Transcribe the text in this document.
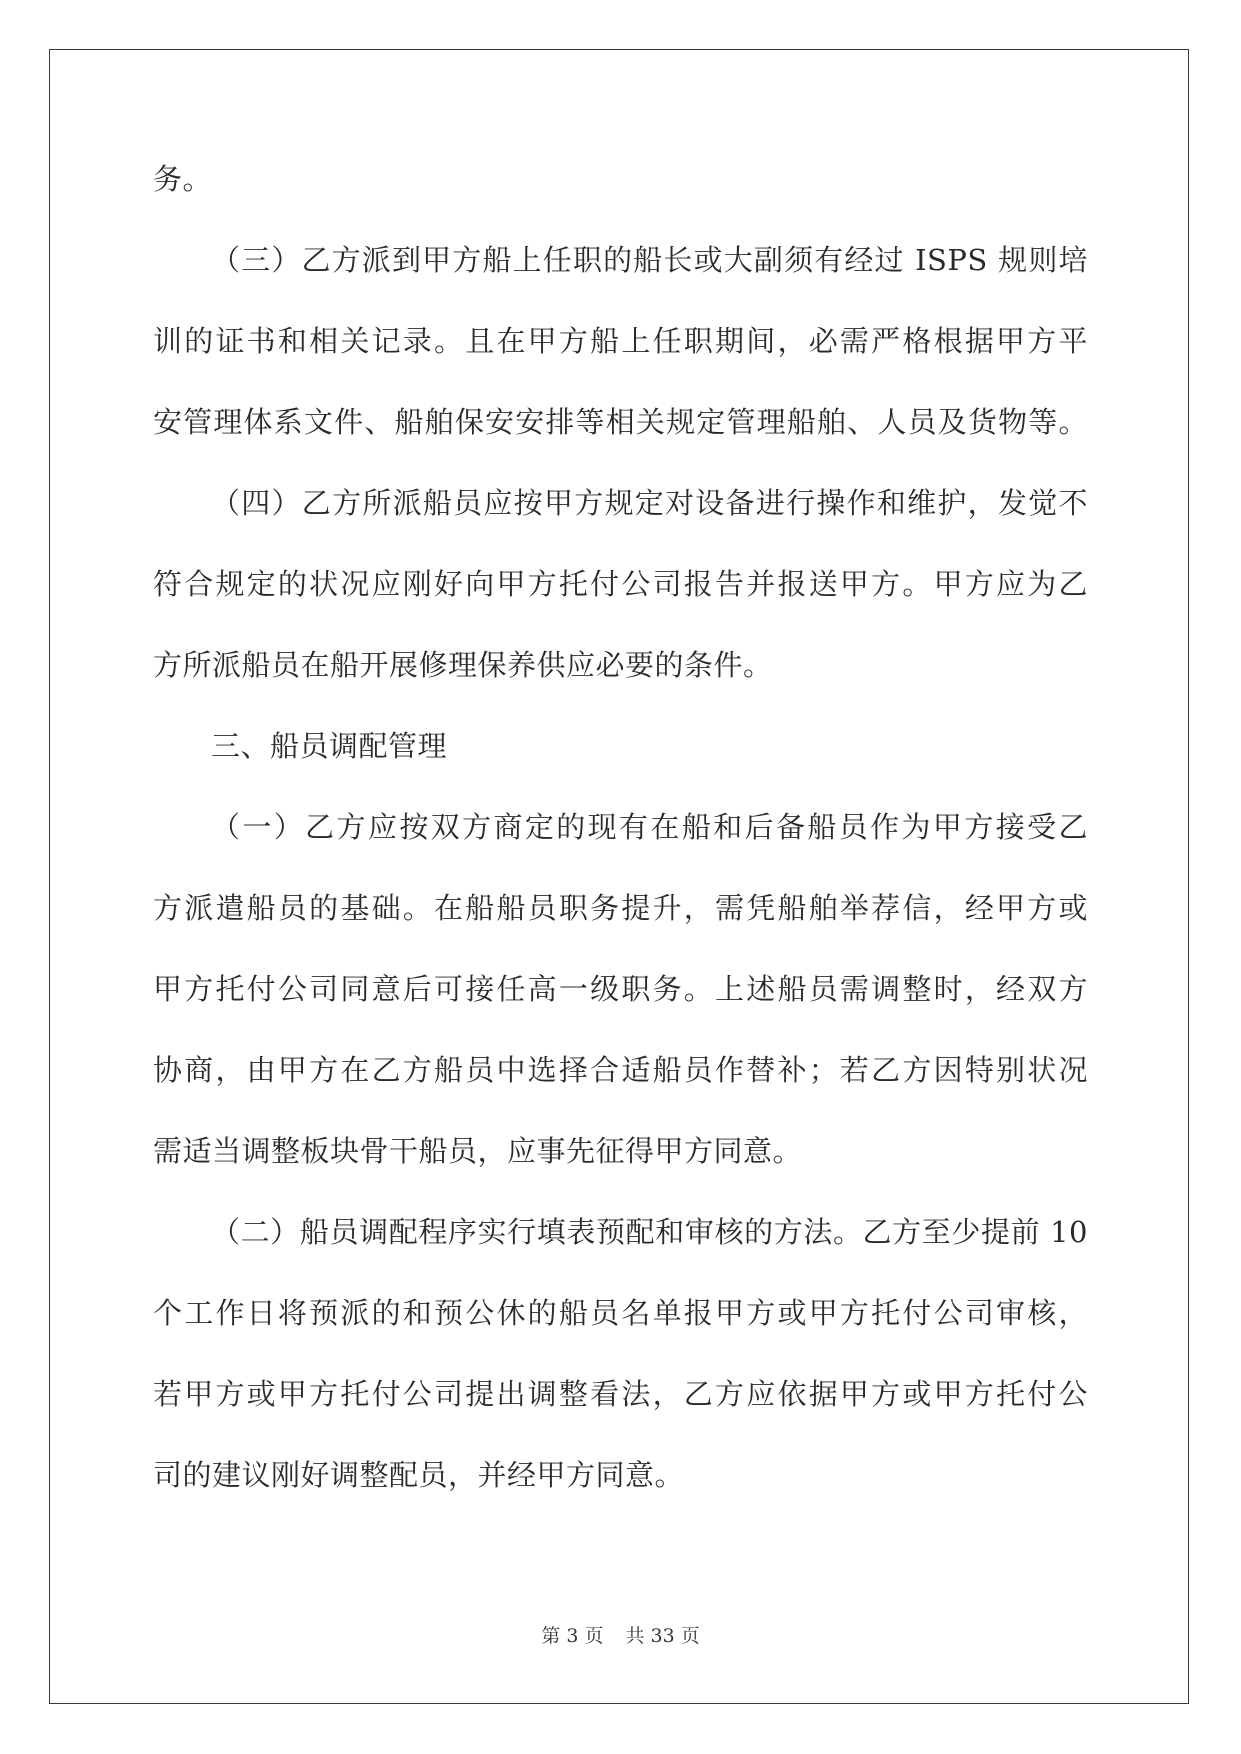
务。
（三）乙方派到甲方船上任职的船长或大副须有经过 ISPS 规则培
训的证书和相关记录。且在甲方船上任职期间，必需严格根据甲方平
安管理体系文件、船舶保安安排等相关规定管理船舶、人员及货物等。
（四）乙方所派船员应按甲方规定对设备进行操作和维护，发觉不
符合规定的状况应刚好向甲方托付公司报告并报送甲方。甲方应为乙
方所派船员在船开展修理保养供应必要的条件。
三、船员调配管理
（一）乙方应按双方商定的现有在船和后备船员作为甲方接受乙
方派遣船员的基础。在船船员职务提升，需凭船舶举荐信，经甲方或
甲方托付公司同意后可接任高一级职务。上述船员需调整时，经双方
协商，由甲方在乙方船员中选择合适船员作替补；若乙方因特别状况
需适当调整板块骨干船员，应事先征得甲方同意。
（二）船员调配程序实行填表预配和审核的方法。乙方至少提前 10
个工作日将预派的和预公休的船员名单报甲方或甲方托付公司审核，
若甲方或甲方托付公司提出调整看法，乙方应依据甲方或甲方托付公
司的建议刚好调整配员，并经甲方同意。
第 3 页 共 33 页
